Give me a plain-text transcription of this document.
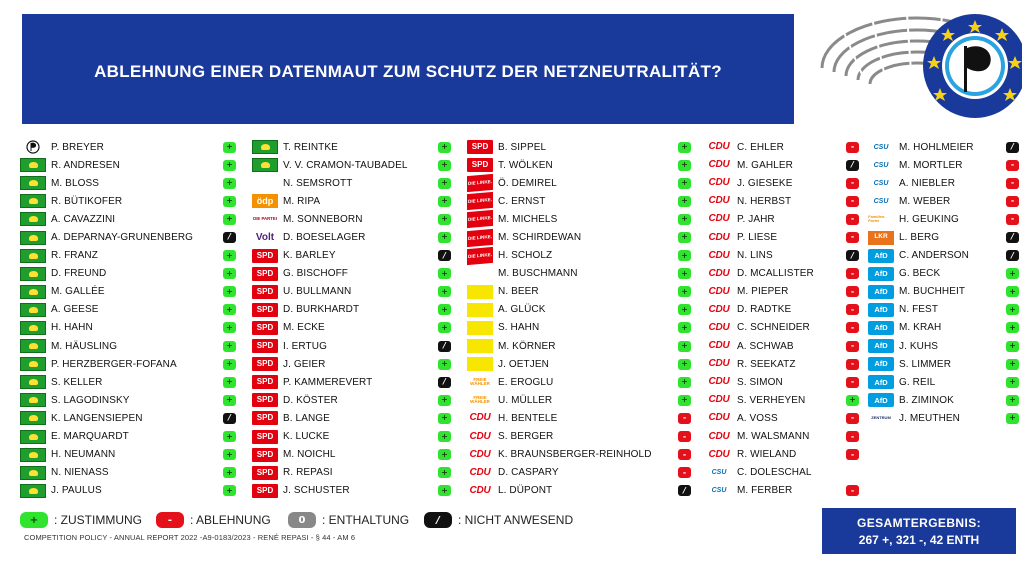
ABLEHNUNG EINER DATENMAUT ZUM SCHUTZ DER NETZNEUTRALITÄT?
P. BREYER	+
R. ANDRESEN	+
M. BLOSS	+
R. BÜTIKOFER	+
A. CAVAZZINI	+
A. DEPARNAY-GRUNENBERG	/
R. FRANZ	+
D. FREUND	+
M. GALLÉE	+
A. GEESE	+
H. HAHN	+
M. HÄUSLING	+
P. HERZBERGER-FOFANA	+
S. KELLER	+
S. LAGODINSKY	+
K. LANGENSIEPEN	/
E. MARQUARDT	+
H. NEUMANN	+
N. NIENASS	+
J. PAULUS	+
T. REINTKE	+
V. V. CRAMON-TAUBADEL	+
N. SEMSROTT	+
ödp M. RIPA	+
DIE PARTEI M. SONNEBORN	+
Volt D. BOESELAGER	+
SPD K. BARLEY	/
SPD G. BISCHOFF	+
SPD U. BULLMANN	+
SPD D. BURKHARDT	+
SPD M. ECKE	+
SPD I. ERTUG	/
SPD J. GEIER	+
SPD P. KAMMEREVERT	/
SPD D. KÖSTER	+
SPD B. LANGE	+
SPD K. LUCKE	+
SPD M. NOICHL	+
SPD R. REPASI	+
SPD J. SCHUSTER	+
SPD B. SIPPEL	+
SPD T. WÖLKEN	+
DIE LINKE. Ö. DEMIREL	+
DIE LINKE. C. ERNST	+
DIE LINKE. M. MICHELS	+
DIE LINKE. M. SCHIRDEWAN	+
DIE LINKE. H. SCHOLZ	+
M. BUSCHMANN	+
N. BEER	+
A. GLÜCK	+
S. HAHN	+
M. KÖRNER	+
J. OETJEN	+
FREIE WÄHLER E. EROGLU	+
FREIE WÄHLER U. MÜLLER	+
CDU H. BENTELE	-
CDU S. BERGER	-
CDU K. BRAUNSBERGER-REINHOLD	-
CDU D. CASPARY	-
CDU L. DÜPONT	/
CDU C. EHLER	-
CDU M. GAHLER	/
CDU J. GIESEKE	-
CDU N. HERBST	-
CDU P. JAHR	-
CDU P. LIESE	-
CDU N. LINS	/
CDU D. MCALLISTER	-
CDU M. PIEPER	-
CDU D. RADTKE	-
CDU C. SCHNEIDER	-
CDU A. SCHWAB	-
CDU R. SEEKATZ	-
CDU S. SIMON	-
CDU S. VERHEYEN	+
CDU A. VOSS	-
CDU M. WALSMANN	-
CDU R. WIELAND	-
CSU	C. DOLESCHAL
CSU	M. FERBER	-
CSU	M. HOHLMEIER	/
CSU	M. MORTLER	-
CSU	A. NIEBLER	-
CSU	M. WEBER	-
Familien-Partei	H. GEUKING	-
LKR	L. BERG	/
AfD	C. ANDERSON	/
AfD	G. BECK	+
AfD	M. BUCHHEIT	+
AfD	N. FEST	+
AfD	M. KRAH	+
AfD	J. KUHS	+
AfD	S. LIMMER	+
AfD	G. REIL	+
AfD	B. ZIMINOK	+
ZENTRUM J. MEUTHEN	+
+	: ZUSTIMMUNG	-	: ABLEHNUNG	0	: ENTHALTUNG	/	: NICHT ANWESEND
COMPETITION POLICY - ANNUAL REPORT 2022 -A9-0183/2023 - RENÉ REPASI - § 44 - AM 6
GESAMTERGEBNIS:
267 +, 321 -, 42 ENTH
